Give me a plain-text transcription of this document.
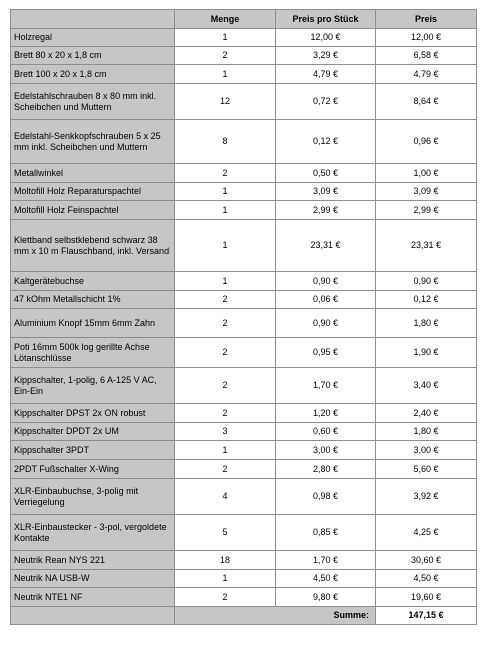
	Menge	Preis pro Stück	Preis
Holzregal	1	12,00 €	12,00 €
Brett 80 x 20 x 1,8 cm	2	3,29 €	6,58 €
Brett 100 x 20 x 1,8 cm	1	4,79 €	4,79 €
Edelstahlschrauben 8 x 80 mm inkl. Scheibchen und Muttern	12	0,72 €	8,64 €
Edelstahl-Senkkopfschrauben 5 x 25 mm inkl. Scheibchen und Muttern	8	0,12 €	0,96 €
Metallwinkel	2	0,50 €	1,00 €
Moltofill Holz Reparaturspachtel	1	3,09 €	3,09 €
Moltofill Holz Feinspachtel	1	2,99 €	2,99 €
Klettband selbstklebend schwarz 38 mm x 10 m Flauschband, inkl. Versand	1	23,31 €	23,31 €
Kaltgerätebuchse	1	0,90 €	0,90 €
47 kOhm Metallschicht 1%	2	0,06 €	0,12 €
Aluminium Knopf 15mm 6mm Zahn	2	0,90 €	1,80 €
Poti 16mm 500k log gerillte Achse Lötanschlüsse	2	0,95 €	1,90 €
Kippschalter, 1-polig, 6 A-125 V AC, Ein-Ein	2	1,70 €	3,40 €
Kippschalter DPST 2x ON robust	2	1,20 €	2,40 €
Kippschalter DPDT 2x UM	3	0,60 €	1,80 €
Kippschalter 3PDT	1	3,00 €	3,00 €
2PDT Fußschalter X-Wing	2	2,80 €	5,60 €
XLR-Einbaubuchse, 3-polig mit Verriegelung	4	0,98 €	3,92 €
XLR-Einbaustecker - 3-pol, vergoldete Kontakte	5	0,85 €	4,25 €
Neutrik Rean NYS 221	18	1,70 €	30,60 €
Neutrik NA USB-W	1	4,50 €	4,50 €
Neutrik NTE1 NF	2	9,80 €	19,60 €
	Summe:		147,15 €
